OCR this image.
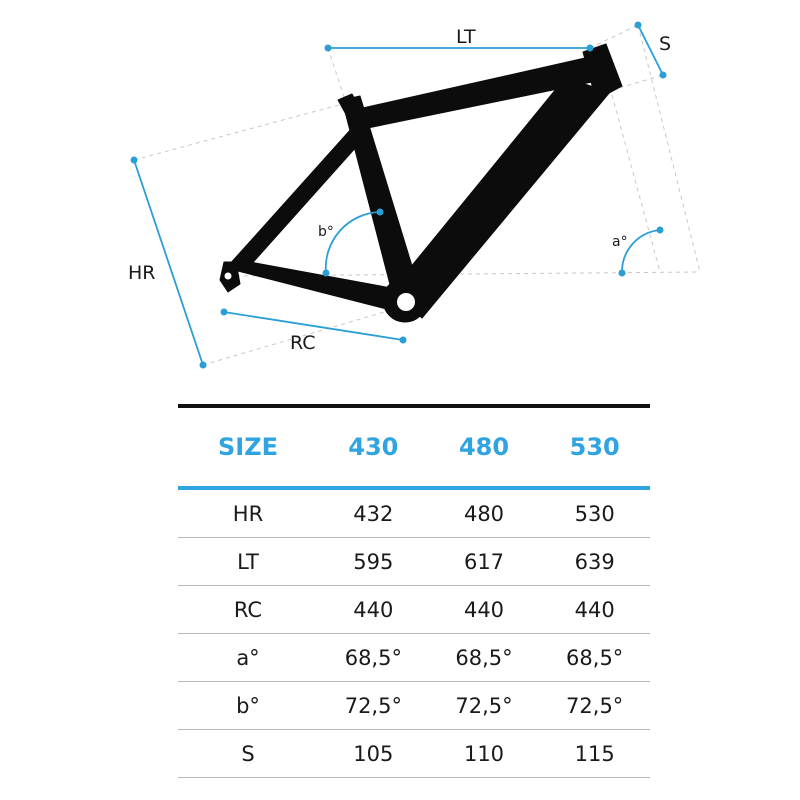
LT	S
HR
RC
b°
a°
SIZE	430	480	530
HR	432	480	530
LT	595	617	639
RC	440	440	440
a°	68,5°	68,5°	68,5°
b°	72,5°	72,5°	72,5°
S	105	110	115
